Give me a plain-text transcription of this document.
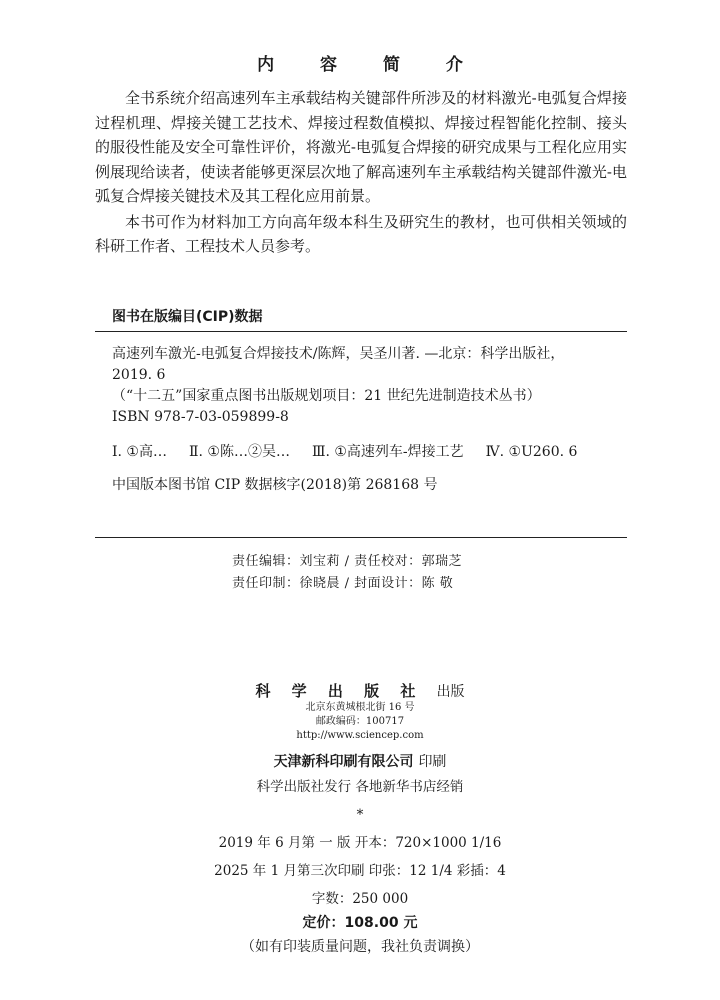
内 容 简 介

全书系统介绍高速列车主承载结构关键部件所涉及的材料激光-电弧复合焊接过程机理、焊接关键工艺技术、焊接过程数值模拟、焊接过程智能化控制、接头的服役性能及安全可靠性评价，将激光-电弧复合焊接的研究成果与工程化应用实例展现给读者，使读者能够更深层次地了解高速列车主承载结构关键部件激光-电弧复合焊接关键技术及其工程化应用前景。

本书可作为材料加工方向高年级本科生及研究生的教材，也可供相关领域的科研工作者、工程技术人员参考。

图书在版编目(CIP)数据
高速列车激光-电弧复合焊接技术/陈辉，吴圣川著. —北京：科学出版社，
2019. 6
（“十二五”国家重点图书出版规划项目：21 世纪先进制造技术丛书）
ISBN 978-7-03-059899-8
Ⅰ. ①高… Ⅱ. ①陈…②吴… Ⅲ. ①高速列车-焊接工艺 Ⅳ. ①U260. 6
中国版本图书馆 CIP 数据核字(2018)第 268168 号
责任编辑：刘宝莉 / 责任校对：郭瑞芝
责任印制：徐晓晨 / 封面设计：陈 敬
科 学 出 版 社 出版
北京东黄城根北街 16 号
邮政编码：100717
http://www.sciencep.com
天津新科印刷有限公司 印刷
科学出版社发行 各地新华书店经销
*
2019 年 6 月第 一 版 开本：720×1000 1/16
2025 年 1 月第三次印刷 印张：12 1/4 彩插：4
字数：250 000
定价：108.00 元
（如有印装质量问题，我社负责调换）
